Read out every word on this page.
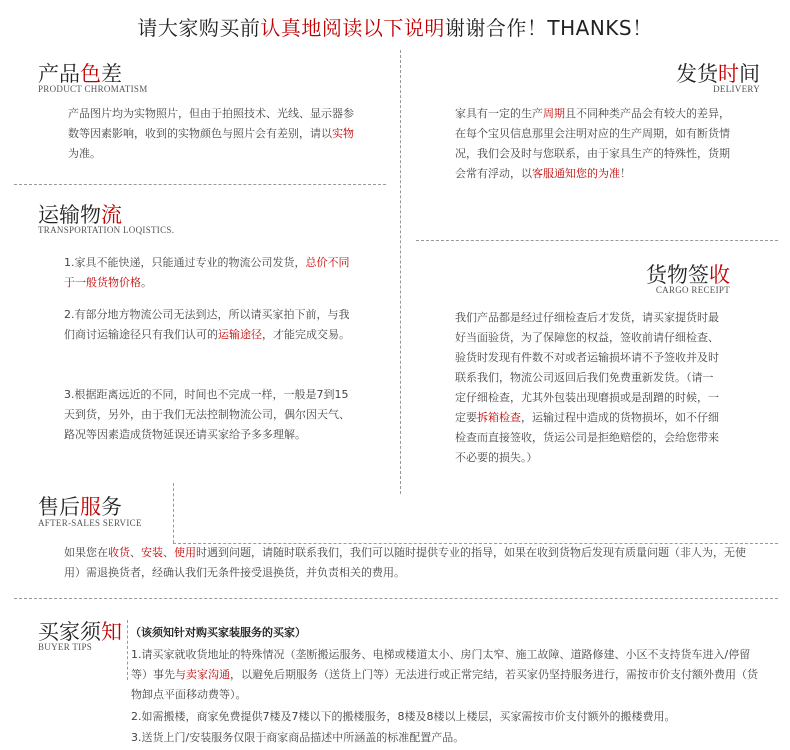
请大家购买前认真地阅读以下说明谢谢合作！THANKS！
产品色差
PRODUCT CHROMATISM
产品图片均为实物照片，但由于拍照技术、光线、显示器参数等因素影响，收到的实物颜色与照片会有差别，请以实物为准。
发货时间
DELIVERY
家具有一定的生产周期且不同种类产品会有较大的差异，在每个宝贝信息那里会注明对应的生产周期，如有断货情况，我们会及时与您联系，由于家具生产的特殊性，货期会常有浮动，以客服通知您的为准！
运输物流
TRANSPORTATION LOQISTICS.
1.家具不能快递，只能通过专业的物流公司发货，总价不同于一般货物价格。
2.有部分地方物流公司无法到达，所以请买家拍下前，与我们商讨运输途径只有我们认可的运输途径，才能完成交易。
3.根据距离远近的不同，时间也不完成一样，一般是7到15天到货，另外，由于我们无法控制物流公司，偶尔因天气、路况等因素造成货物延误还请买家给予多多理解。
货物签收
CARGO RECEIPT
我们产品都是经过仔细检查后才发货，请买家提货时最好当面验货，为了保障您的权益，签收前请仔细检查、验货时发现有件数不对或者运输损坏请不予签收并及时联系我们，物流公司返回后我们免费重新发货。（请一定仔细检查，尤其外包装出现磨损或是刮蹭的时候，一定要拆箱检查，运输过程中造成的货物损坏，如不仔细检查而直接签收，货运公司是拒绝赔偿的，会给您带来不必要的损失。）
售后服务
AFTER-SALES SERVICE
如果您在收货、安装、使用时遇到问题，请随时联系我们，我们可以随时提供专业的指导，如果在收到货物后发现有质量问题（非人为，无使用）需退换货者，经确认我们无条件接受退换货，并负责相关的费用。
买家须知 （该须知针对购买家装服务的买家）
BUYER TIPS
1.请买家就收货地址的特殊情况（垄断搬运服务、电梯或楼道太小、房门太窄、施工故障、道路修建、小区不支持货车进入/停留等）事先与卖家沟通，以避免后期服务（送货上门等）无法进行或正常完结，若买家仍坚持服务进行，需按市价支付额外费用（货物卸点平面移动费等）。
2.如需搬楼，商家免费提供7楼及7楼以下的搬楼服务，8楼及8楼以上楼层，买家需按市价支付额外的搬楼费用。
3.送货上门/安装服务仅限于商家商品描述中所涵盖的标准配置产品。
